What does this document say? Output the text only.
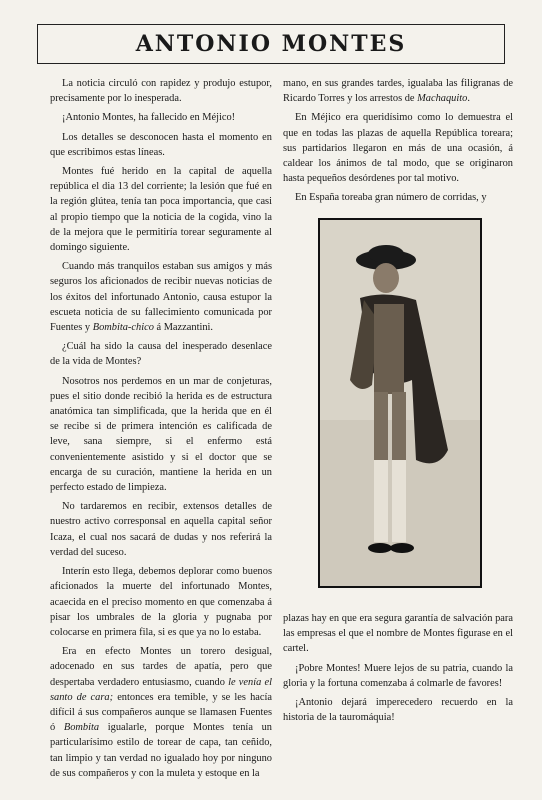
ANTONIO MONTES

La noticia circuló con rapidez y produjo estupor, precisamente por lo inesperada.

¡Antonio Montes, ha fallecido en Méjico!

Los detalles se desconocen hasta el momento en que escribimos estas líneas.

Montes fué herido en la capital de aquella república el dia 13 del corriente; la lesión que fué en la región glútea, tenía tan poca importancia, que casi al propio tiempo que la noticia de la cogida, vino la de la mejora que le permitiría torear seguramente al domingo siguiente.

Cuando más tranquilos estaban sus amigos y más seguros los aficionados de recibir nuevas noticias de los éxitos del infortunado Antonio, causa estupor la escueta noticia de su fallecimiento comunicada por Fuentes y Bombita-chico á Mazzantini.

¿Cuál ha sido la causa del inesperado desenlace de la vida de Montes?

Nosotros nos perdemos en un mar de conjeturas, pues el sitio donde recibió la herida es de estructura anatómica tan simplificada, que la herida que en él se recibe si de primera intención es calificada de leve, sana siempre, si el enfermo está convenientemente asistido y si el doctor que se encarga de su curación, mantiene la herida en un perfecto estado de limpieza.

No tardaremos en recibir, extensos detalles de nuestro activo corresponsal en aquella capital señor Icaza, el cual nos sacará de dudas y nos referirá la verdad del suceso.

Interín esto llega, debemos deplorar como buenos aficionados la muerte del infortunado Montes, acaecida en el preciso momento en que comenzaba á pisar los umbrales de la gloria y pugnaba por colocarse en primera fila, si es que ya no lo estaba.

Era en efecto Montes un torero desigual, adocenado en sus tardes de apatía, pero que despertaba verdadero entusiasmo, cuando le venía el santo de cara; entonces era temible, y se les hacía difícil á sus compañeros aunque se llamasen Fuentes ó Bombita igualarle, porque Montes tenía un particularísimo estilo de torear de capa, tan ceñido, tan limpio y tan verdad no igualado hoy por ninguno de sus compañeros y con la muleta y estoque en la

mano, en sus grandes tardes, igualaba las filigranas de Ricardo Torres y los arrestos de Machaquito.

En Méjico era queridísimo como lo demuestra el que en todas las plazas de aquella República torearа; sus partidarios llegaron en más de una ocasión, á caldear los ánimos de tal modo, que se originaron hasta pequeños desórdenes por tal motivo.

En España toreaba gran número de corridas, y

plazas hay en que era segura garantía de salvación para las empresas el que el nombre de Montes figurase en el cartel.

¡Pobre Montes! Muere lejos de su patria, cuando la gloria y la fortuna comenzaba á colmarle de favores!

¡Antonio dejará imperecedero recuerdo en la historia de la tauromáquia!
